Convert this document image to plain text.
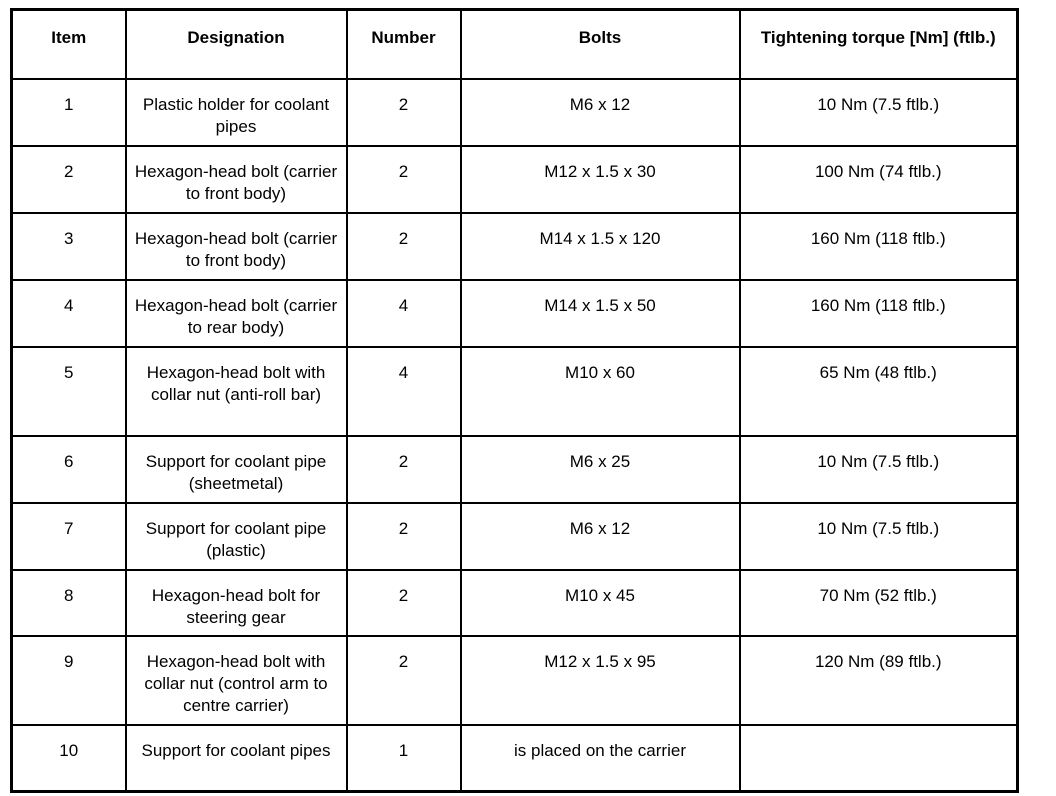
Item	Designation	Number	Bolts	Tightening torque [Nm] (ftlb.)
1	Plastic holder for coolant pipes	2	M6 x 12	10 Nm (7.5 ftlb.)
2	Hexagon-head bolt (carrier to front body)	2	M12 x 1.5 x 30	100 Nm (74 ftlb.)
3	Hexagon-head bolt (carrier to front body)	2	M14 x 1.5 x 120	160 Nm (118 ftlb.)
4	Hexagon-head bolt (carrier to rear body)	4	M14 x 1.5 x 50	160 Nm (118 ftlb.)
5	Hexagon-head bolt with collar nut (anti-roll bar)	4	M10 x 60	65 Nm (48 ftlb.)
6	Support for coolant pipe (sheetmetal)	2	M6 x 25	10 Nm (7.5 ftlb.)
7	Support for coolant pipe (plastic)	2	M6 x 12	10 Nm (7.5 ftlb.)
8	Hexagon-head bolt for steering gear	2	M10 x 45	70 Nm (52 ftlb.)
9	Hexagon-head bolt with collar nut (control arm to centre carrier)	2	M12 x 1.5 x 95	120 Nm (89 ftlb.)
10	Support for coolant pipes	1	is placed on the carrier	
